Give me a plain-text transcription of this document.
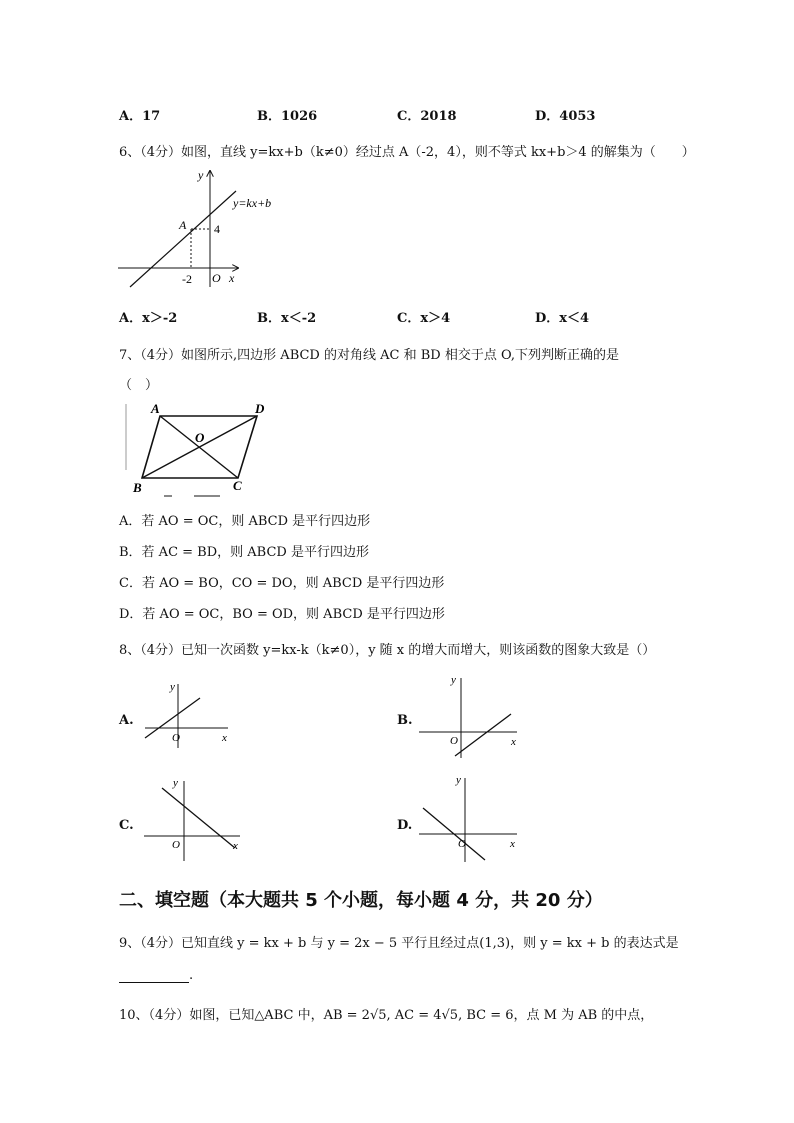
A．17	B．1026	C．2018	D．4053
6、（4分）如图，直线 y=kx+b（k≠0）经过点 A（-2，4），则不等式 kx+b＞4 的解集为（　　）
y=kx+b
A 4
-2 O x
y
A．x＞-2	B．x＜-2	C．x＞4	D．x＜4
7、（4分）如图所示,四边形 ABCD 的对角线 AC 和 BD 相交于点 O,下列判断正确的是
（　）
A	D
O
B	C
A．若 AO = OC，则 ABCD 是平行四边形
B．若 AC = BD，则 ABCD 是平行四边形
C．若 AO = BO，CO = DO，则 ABCD 是平行四边形
D．若 AO = OC，BO = OD，则 ABCD 是平行四边形
8、（4分）已知一次函数 y=kx-k（k≠0），y 随 x 的增大而增大，则该函数的图象大致是（）
A.
y
O	x
B.
y
O	x
C.
y
O	x
D.
y
O	x
二、填空题（本大题共 5 个小题，每小题 4 分，共 20 分）
9、（4分）已知直线 y = kx + b 与 y = 2x − 5 平行且经过点(1,3)，则 y = kx + b 的表达式是
.
10、（4分）如图，已知△ABC 中，AB = 2√5, AC = 4√5, BC = 6，点 M 为 AB 的中点，
